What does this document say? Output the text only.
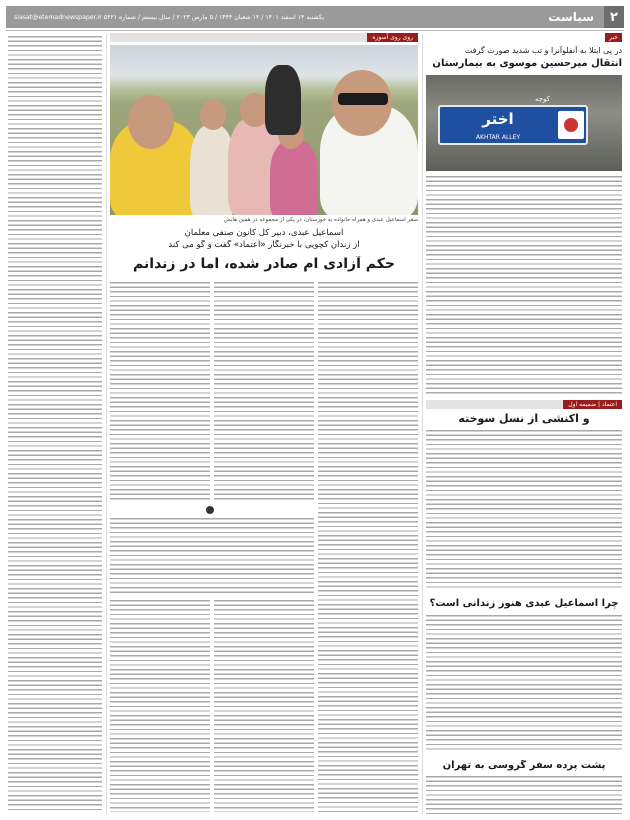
۲
سیاست
siasat@etemadnewspaper.ir یکشنبه ۱۴ اسفند ۱۴۰۱ / ۱۲ شعبان ۱۴۴۴ / ۵ مارس ۲۰۲۳ / سال بیستم / شماره ۵۴۲۱
خبر
در پی ابتلا به آنفلوآنزا و تب شدید صورت گرفت
انتقال میرحسین موسوی به بیمارستان
کوچه
اختر
AKHTAR ALLEY
اعتماد | ضمیمه اول
و اکنشی از نسل سوخته
چرا اسماعیل عبدی هنوز زندانی است؟
پشت پرده سفر گروسی به تهران
روی روی آسوزه
سفر اسماعیل عبدی و همراه خانواده به خوزستان، در یکی از مجموعه در همین هایش
اسماعیل عبدی، دبیر کل کانون صنفی معلمان
از زندان کچویی با خبرنگار «اعتماد» گفت و گو می کند
حکم آزادی ام صادر شده، اما در زندانم
